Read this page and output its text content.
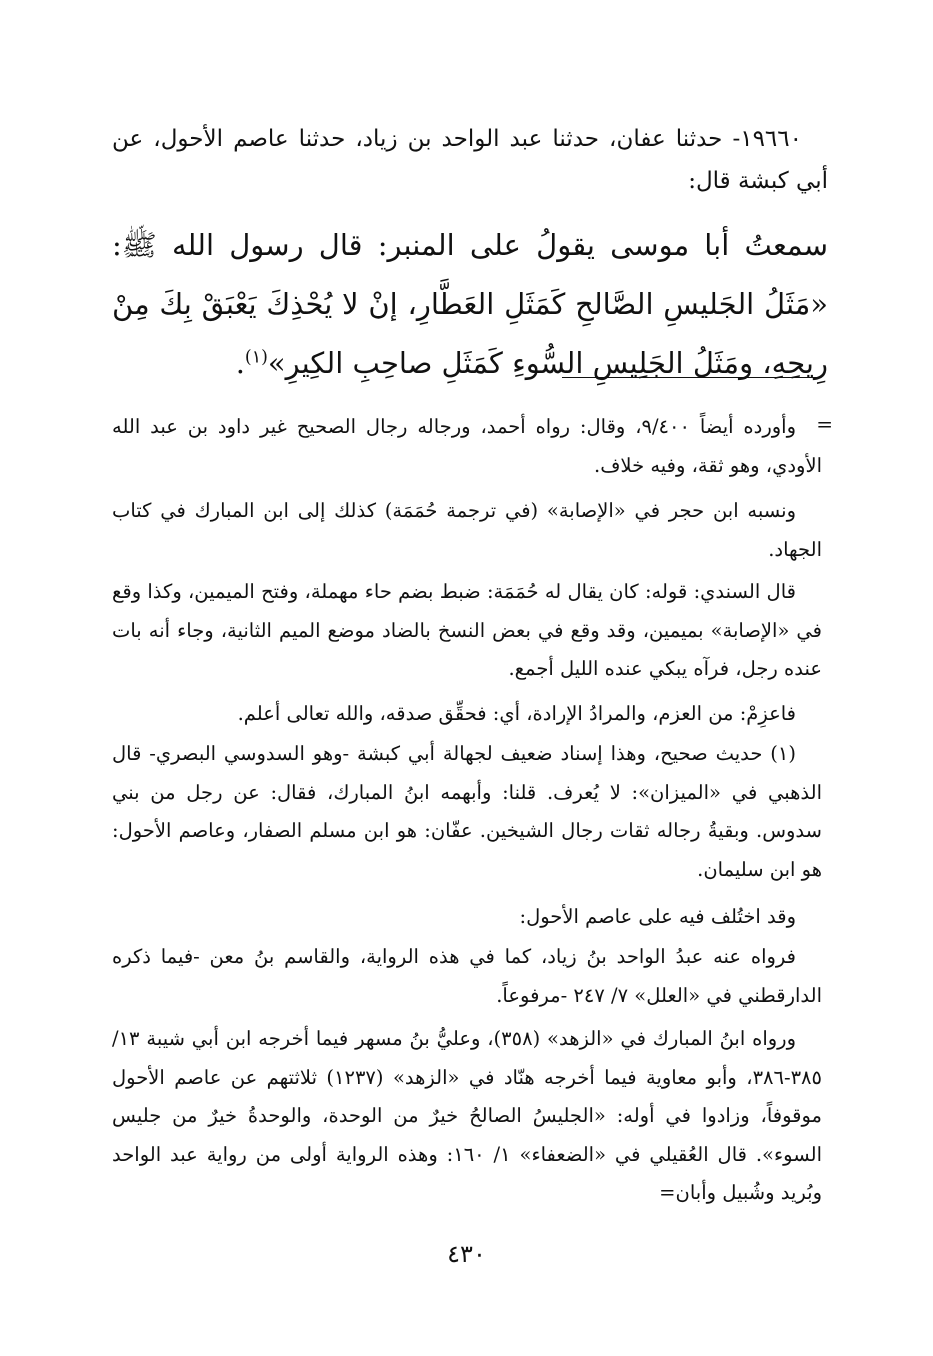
١٩٦٦٠- حدثنا عفان، حدثنا عبد الواحد بن زياد، حدثنا عاصم الأحول، عن أبي كبشة قال:

سمعتُ أبا موسى يقولُ على المنبر: قال رسول الله ﷺ: «مَثَلُ الجَليسِ الصَّالحِ كَمَثَلِ العَطَّارِ، إنْ لا يُحْذِكَ يَعْبَقْ بِكَ مِنْ رِيحِهِ، ومَثَلُ الجَلِيسِ السُّوءِ كَمَثَلِ صاحِبِ الكِيرِ»$^{(١)}$.

=

وأورده أيضاً ٩/٤٠٠، وقال: رواه أحمد، ورجاله رجال الصحيح غير داود بن عبد الله الأودي، وهو ثقة، وفيه خلاف.

ونسبه ابن حجر في «الإصابة» (في ترجمة حُمَمَة) كذلك إلى ابن المبارك في كتاب الجهاد.

قال السندي: قوله: كان يقال له حُمَمَة: ضبط بضم حاء مهملة، وفتح الميمين، وكذا وقع في «الإصابة» بميمين، وقد وقع في بعض النسخ بالضاد موضع الميم الثانية، وجاء أنه بات عنده رجل، فرآه يبكي عنده الليل أجمع.

فاعزِمْ: من العزم، والمرادُ الإرادة، أي: فحقِّق صدقه، والله تعالى أعلم.

(١) حديث صحيح، وهذا إسناد ضعيف لجهالة أبي كبشة -وهو السدوسي البصري- قال الذهبي في «الميزان»: لا يُعرف. قلنا: وأبهمه ابنُ المبارك، فقال: عن رجل من بني سدوس. وبقيةُ رجاله ثقات رجال الشيخين. عفّان: هو ابن مسلم الصفار، وعاصم الأحول: هو ابن سليمان.

وقد اختُلف فيه على عاصم الأحول:

فرواه عنه عبدُ الواحد بنُ زياد، كما في هذه الرواية، والقاسم بنُ معن -فيما ذكره الدارقطني في «العلل» ٧/ ٢٤٧ -مرفوعاً.

ورواه ابنُ المبارك في «الزهد» (٣٥٨)، وعليُّ بنُ مسهر فيما أخرجه ابن أبي شيبة ١٣/ ٣٨٥-٣٨٦، وأبو معاوية فيما أخرجه هنّاد في «الزهد» (١٢٣٧) ثلاثتهم عن عاصم الأحول موقوفاً، وزادوا في أوله: «الجليسُ الصالحُ خيرٌ من الوحدة، والوحدةُ خيرٌ من جليس السوء». قال العُقيلي في «الضعفاء» ١/ ١٦٠: وهذه الرواية أولى من رواية عبد الواحد وبُريد وشُبيل وأبان=

٤٣٠
